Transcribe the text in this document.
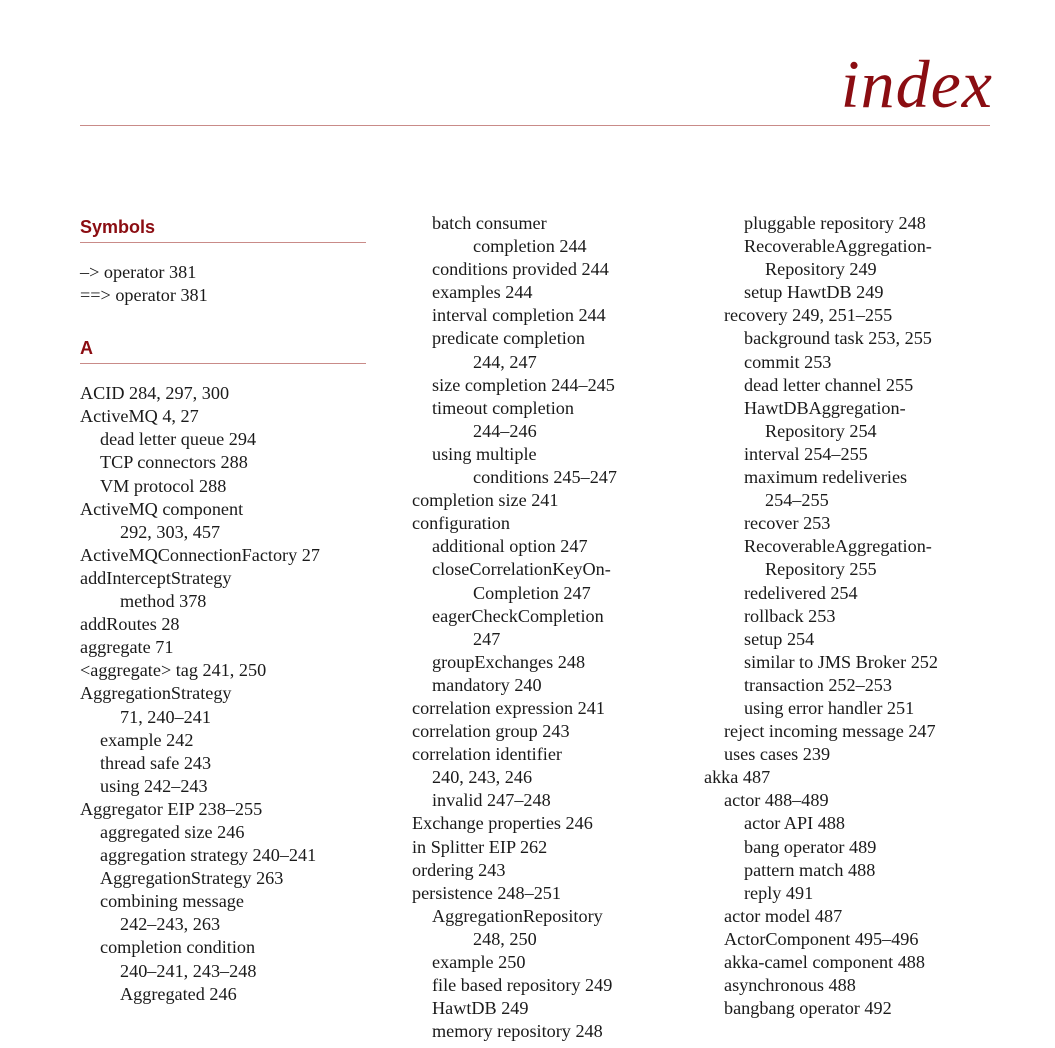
index
Symbols
–> operator 381
==> operator 381
A
ACID 284, 297, 300
ActiveMQ 4, 27
dead letter queue 294
TCP connectors 288
VM protocol 288
ActiveMQ component
292, 303, 457
ActiveMQConnectionFactory 27
addInterceptStrategy
method 378
addRoutes 28
aggregate 71
<aggregate> tag 241, 250
AggregationStrategy
71, 240–241
example 242
thread safe 243
using 242–243
Aggregator EIP 238–255
aggregated size 246
aggregation strategy 240–241
AggregationStrategy 263
combining message
242–243, 263
completion condition
240–241, 243–248
Aggregated 246
batch consumer
completion 244
conditions provided 244
examples 244
interval completion 244
predicate completion
244, 247
size completion 244–245
timeout completion
244–246
using multiple
conditions 245–247
completion size 241
configuration
additional option 247
closeCorrelationKeyOn-
Completion 247
eagerCheckCompletion
247
groupExchanges 248
mandatory 240
correlation expression 241
correlation group 243
correlation identifier
240, 243, 246
invalid 247–248
Exchange properties 246
in Splitter EIP 262
ordering 243
persistence 248–251
AggregationRepository
248, 250
example 250
file based repository 249
HawtDB 249
memory repository 248
pluggable repository 248
RecoverableAggregation-
Repository 249
setup HawtDB 249
recovery 249, 251–255
background task 253, 255
commit 253
dead letter channel 255
HawtDBAggregation-
Repository 254
interval 254–255
maximum redeliveries
254–255
recover 253
RecoverableAggregation-
Repository 255
redelivered 254
rollback 253
setup 254
similar to JMS Broker 252
transaction 252–253
using error handler 251
reject incoming message 247
uses cases 239
akka 487
actor 488–489
actor API 488
bang operator 489
pattern match 488
reply 491
actor model 487
ActorComponent 495–496
akka-camel component 488
asynchronous 488
bangbang operator 492
